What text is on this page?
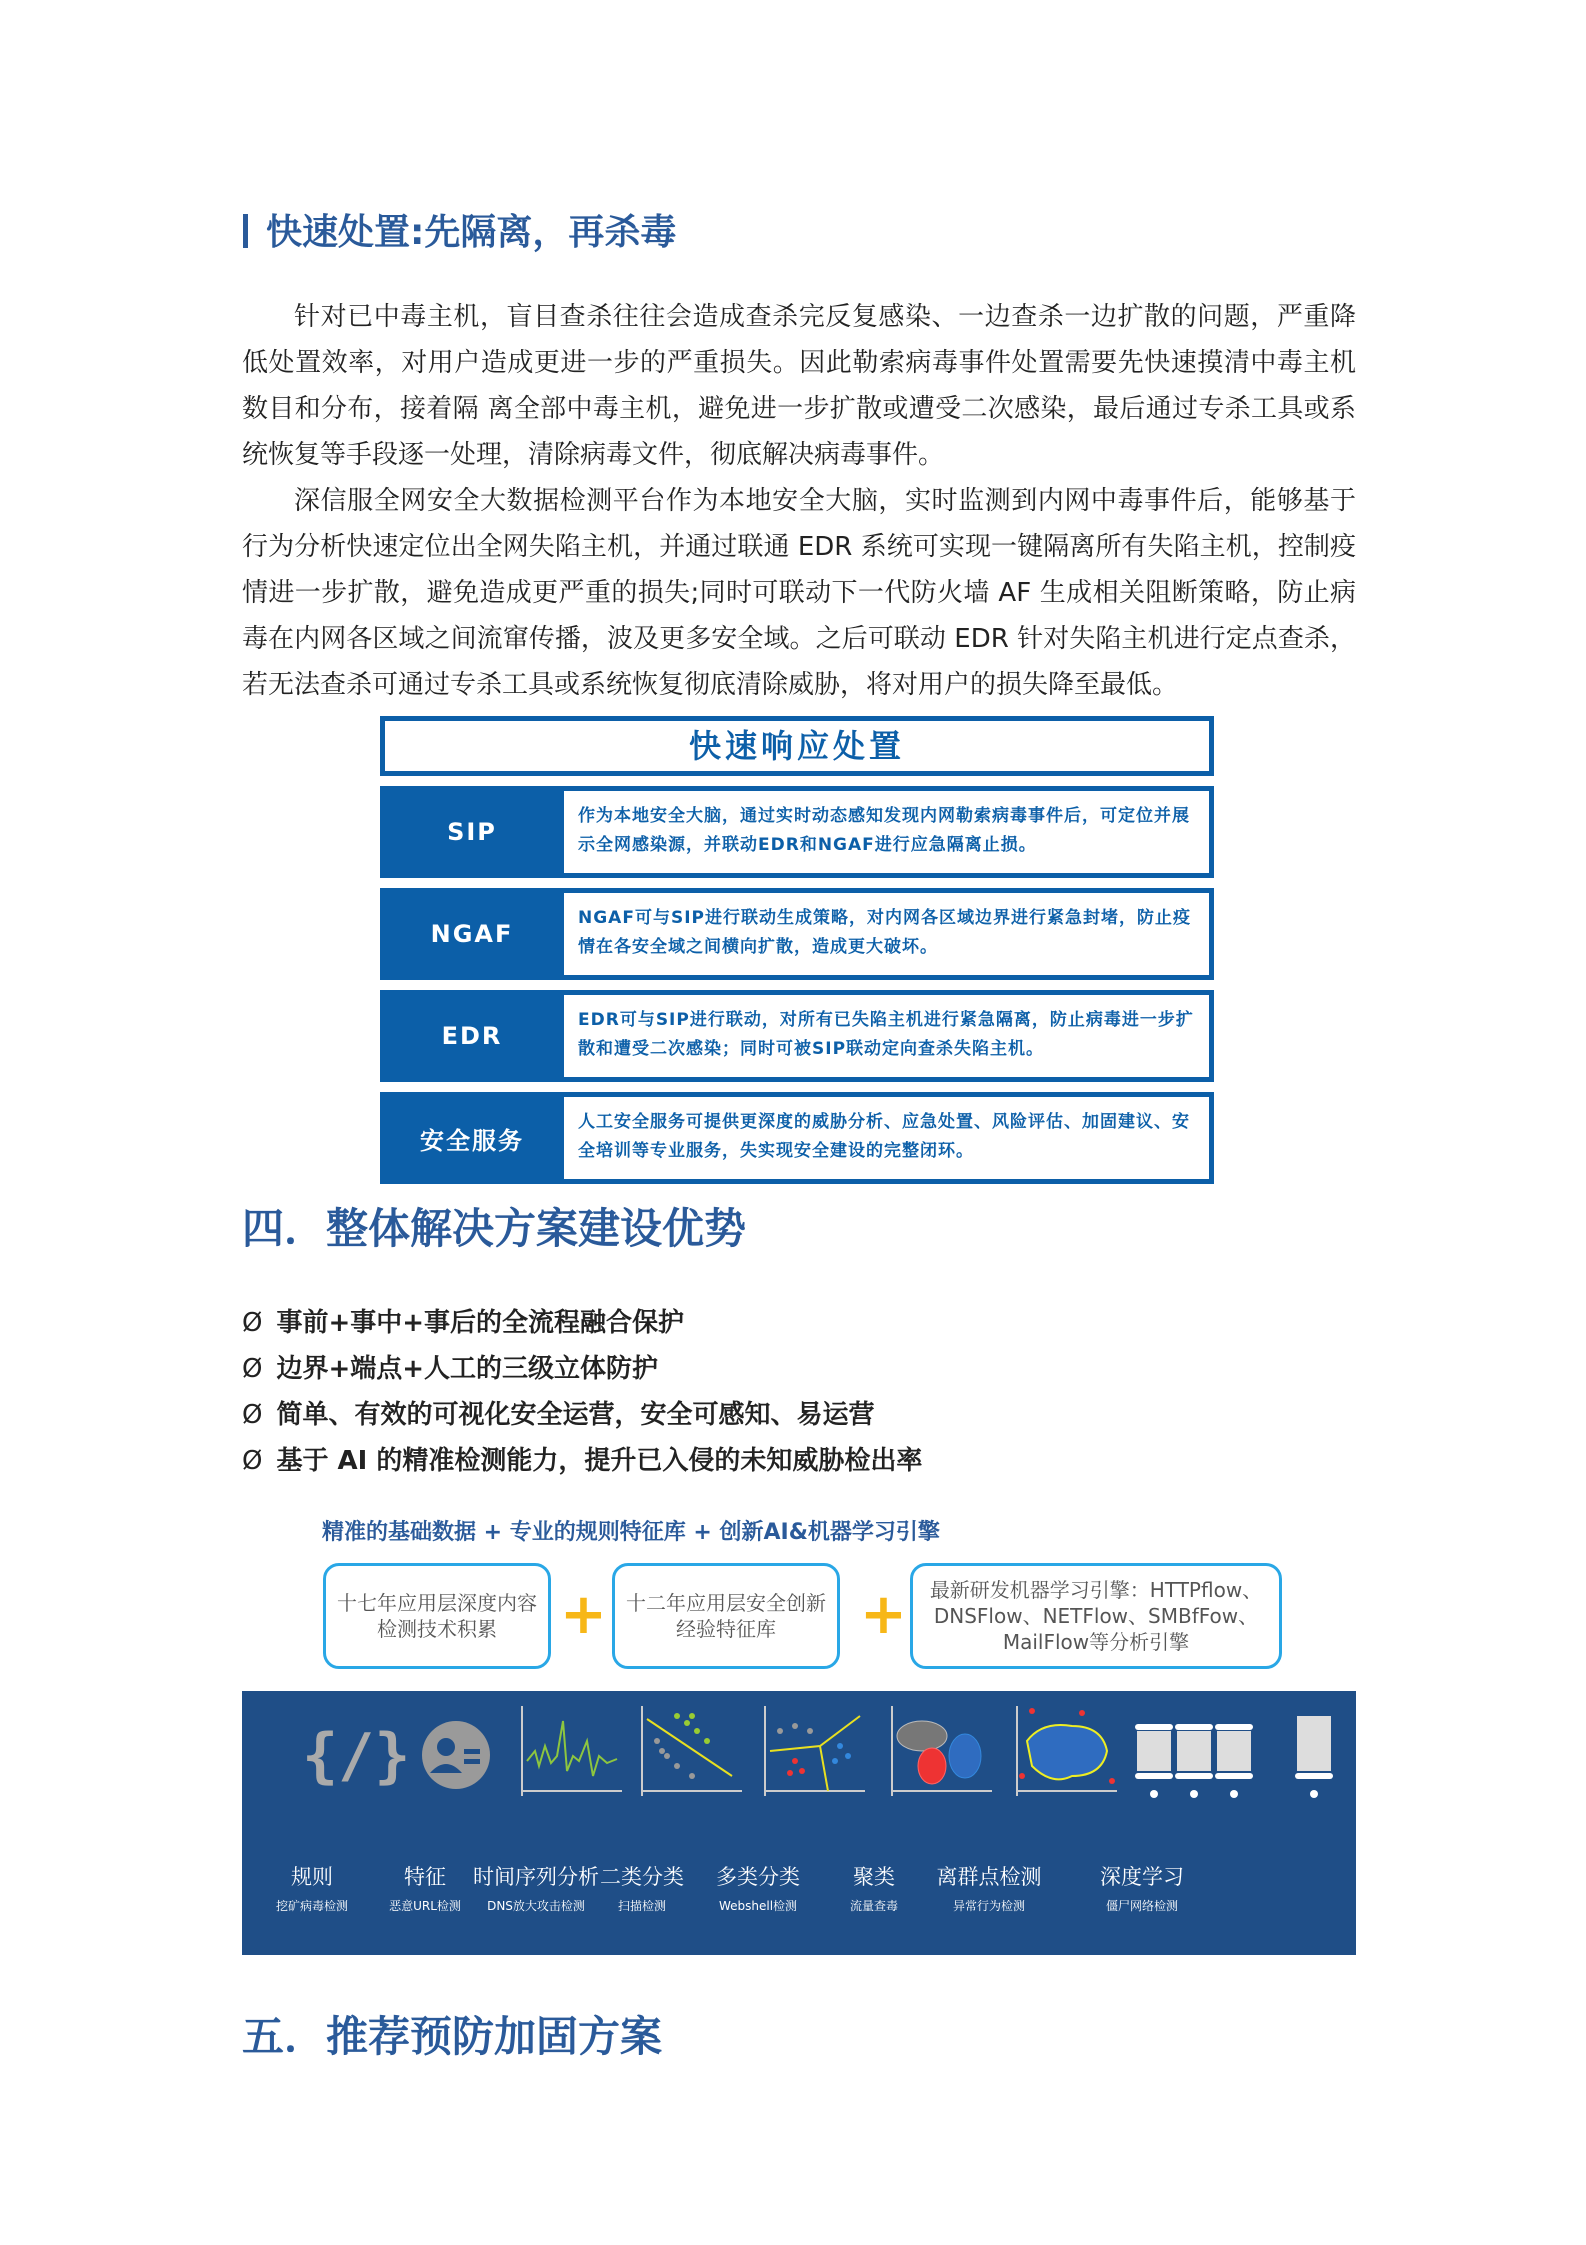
快速处置:先隔离，再杀毒

针对已中毒主机，盲目查杀往往会造成查杀完反复感染、一边查杀一边扩散的问题，严重降低处置效率，对用户造成更进一步的严重损失。因此勒索病毒事件处置需要先快速摸清中毒主机数目和分布，接着隔 离全部中毒主机，避免进一步扩散或遭受二次感染，最后通过专杀工具或系统恢复等手段逐一处理，清除病毒文件，彻底解决病毒事件。

深信服全网安全大数据检测平台作为本地安全大脑，实时监测到内网中毒事件后，能够基于行为分析快速定位出全网失陷主机，并通过联通 EDR 系统可实现一键隔离所有失陷主机，控制疫情进一步扩散，避免造成更严重的损失;同时可联动下一代防火墙 AF 生成相关阻断策略，防止病毒在内网各区域之间流窜传播，波及更多安全域。之后可联动 EDR 针对失陷主机进行定点查杀，若无法查杀可通过专杀工具或系统恢复彻底清除威胁，将对用户的损失降至最低。

快速响应处置
SIP
作为本地安全大脑，通过实时动态感知发现内网勒索病毒事件后，可定位并展示全网感染源，并联动EDR和NGAF进行应急隔离止损。
NGAF
NGAF可与SIP进行联动生成策略，对内网各区域边界进行紧急封堵，防止疫情在各安全域之间横向扩散，造成更大破坏。
EDR
EDR可与SIP进行联动，对所有已失陷主机进行紧急隔离，防止病毒进一步扩散和遭受二次感染；同时可被SIP联动定向查杀失陷主机。
安全服务
人工安全服务可提供更深度的威胁分析、应急处置、风险评估、加固建议、安全培训等专业服务，失实现安全建设的完整闭环。
四．整体解决方案建设优势
Ø 事前+事中+事后的全流程融合保护
Ø 边界+端点+人工的三级立体防护
Ø 简单、有效的可视化安全运营，安全可感知、易运营
Ø 基于 AI 的精准检测能力，提升已入侵的未知威胁检出率
精准的基础数据 + 专业的规则特征库 + 创新AI&机器学习引擎
十七年应用层深度内容检测技术积累	+ 十二年应用层安全创新经验特征库	+	最新研发机器学习引擎：HTTPflow、DNSFlow、NETFlow、SMBfFow、MailFlow等分析引擎
{/}
规则
挖矿病毒检测
特征
恶意URL检测
时间序列分析
DNS放大攻击检测
二类分类
扫描检测
多类分类
Webshell检测
聚类
流量查毒
离群点检测
异常行为检测
深度学习
僵尸网络检测
五．推荐预防加固方案
